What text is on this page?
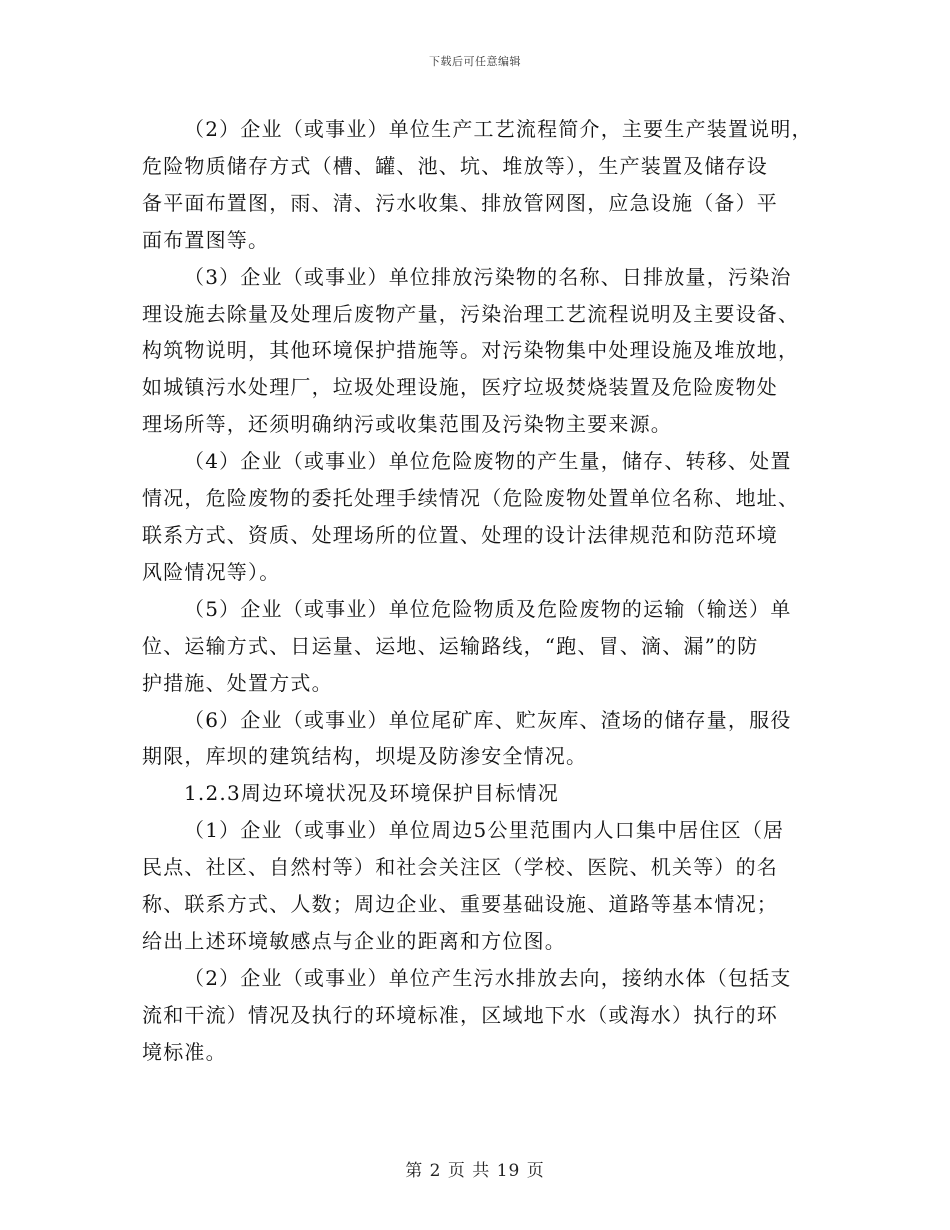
下载后可任意编辑

（2）企业（或事业）单位生产工艺流程简介，主要生产装置说明，
危险物质储存方式（槽、罐、池、坑、堆放等），生产装置及储存设
备平面布置图，雨、清、污水收集、排放管网图，应急设施（备）平
面布置图等。

（3）企业（或事业）单位排放污染物的名称、日排放量，污染治
理设施去除量及处理后废物产量，污染治理工艺流程说明及主要设备、
构筑物说明，其他环境保护措施等。对污染物集中处理设施及堆放地，
如城镇污水处理厂，垃圾处理设施，医疗垃圾焚烧装置及危险废物处
理场所等，还须明确纳污或收集范围及污染物主要来源。

（4）企业（或事业）单位危险废物的产生量，储存、转移、处置
情况，危险废物的委托处理手续情况（危险废物处置单位名称、地址、
联系方式、资质、处理场所的位置、处理的设计法律规范和防范环境
风险情况等）。

（5）企业（或事业）单位危险物质及危险废物的运输（输送）单
位、运输方式、日运量、运地、运输路线，“跑、冒、滴、漏”的防
护措施、处置方式。

（6）企业（或事业）单位尾矿库、贮灰库、渣场的储存量，服役
期限，库坝的建筑结构，坝堤及防渗安全情况。

1.2.3周边环境状况及环境保护目标情况

（1）企业（或事业）单位周边5公里范围内人口集中居住区（居
民点、社区、自然村等）和社会关注区（学校、医院、机关等）的名
称、联系方式、人数；周边企业、重要基础设施、道路等基本情况；
给出上述环境敏感点与企业的距离和方位图。

（2）企业（或事业）单位产生污水排放去向，接纳水体（包括支
流和干流）情况及执行的环境标准，区域地下水（或海水）执行的环
境标准。

第 2 页 共 19 页
